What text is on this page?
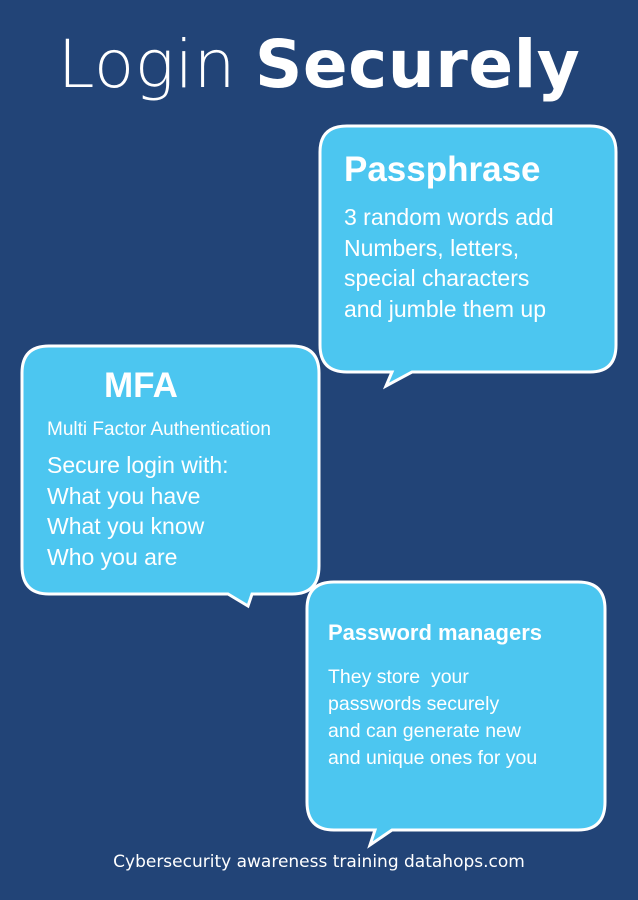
Login Securely
Passphrase
3 random words add
Numbers, letters,
special characters
and jumble them up
MFA
Multi Factor Authentication
Secure login with:
What you have
What you know
Who you are
Password managers
They store  your
passwords securely
and can generate new
and unique ones for you
Cybersecurity awareness training datahops.com
